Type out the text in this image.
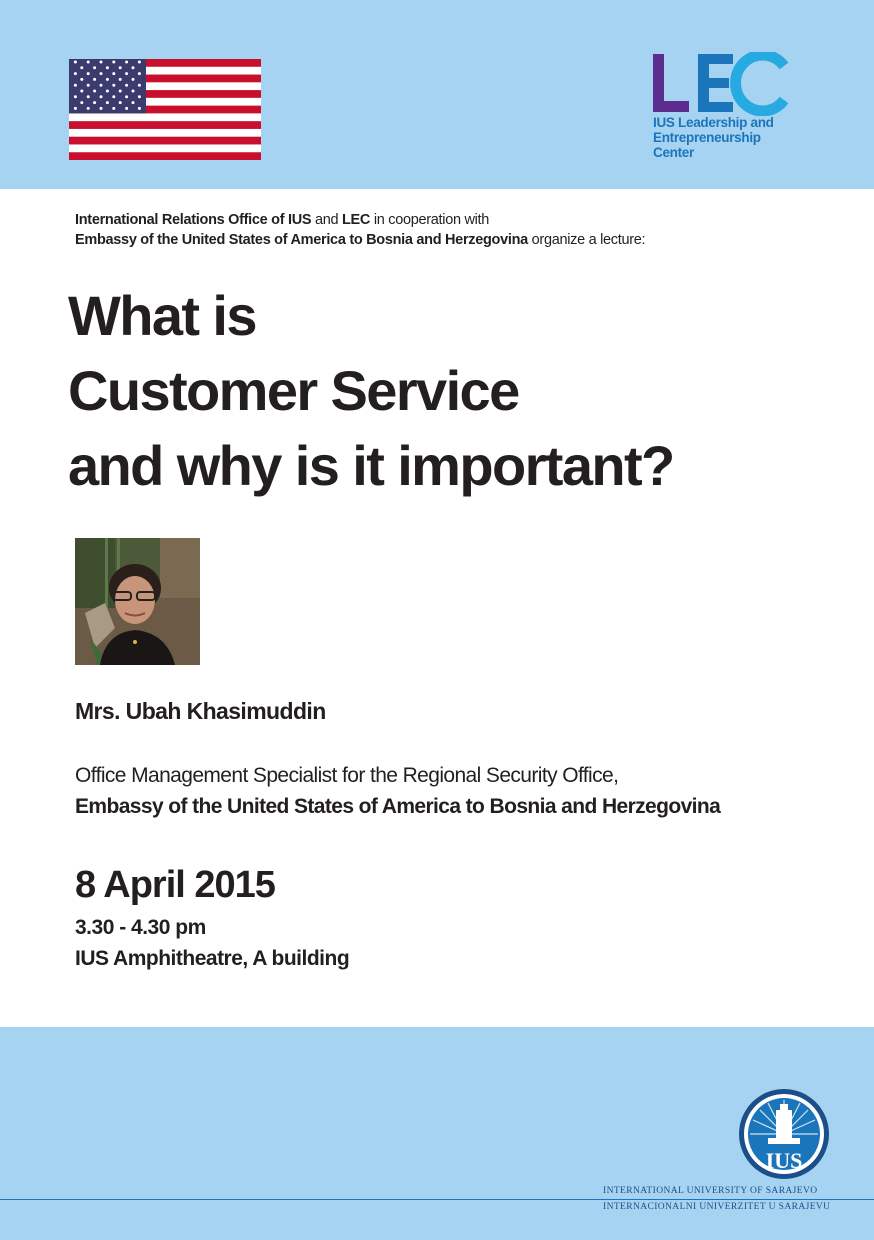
IUS Leadership and
Entrepreneurship
Center
International Relations Office of IUS and LEC in cooperation with
Embassy of the United States of America to Bosnia and Herzegovina organize a lecture:
What is
Customer Service
and why is it important?
Mrs. Ubah Khasimuddin
Office Management Specialist for the Regional Security Office,
Embassy of the United States of America to Bosnia and Herzegovina
8 April 2015
3.30 - 4.30 pm
IUS Amphitheatre, A building
IUS
INTERNATIONAL UNIVERSITY OF SARAJEVO
INTERNACIONALNI UNIVERZITET U SARAJEVU
